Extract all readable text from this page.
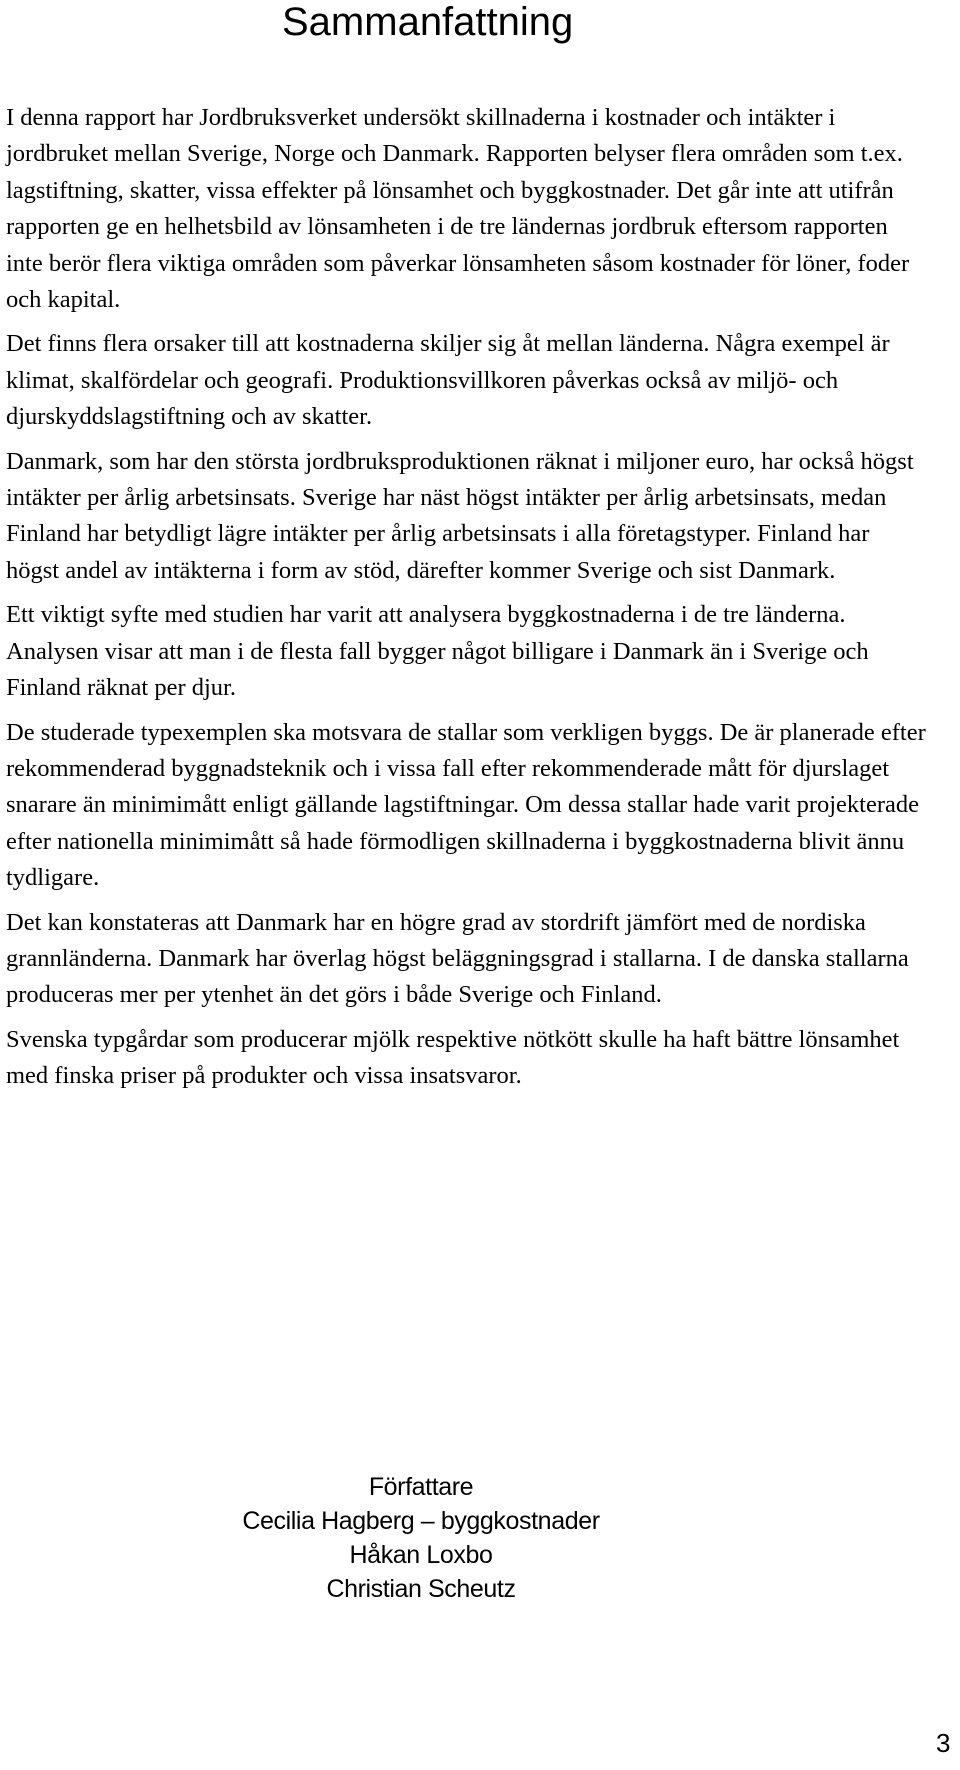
Sammanfattning

I denna rapport har Jordbruksverket undersökt skillnaderna i kostnader och intäkter i jordbruket mellan Sverige, Norge och Danmark. Rapporten belyser flera områden som t.ex. lagstiftning, skatter, vissa effekter på lönsamhet och byggkostnader. Det går inte att utifrån rapporten ge en helhetsbild av lönsamheten i de tre ländernas jordbruk eftersom rapporten inte berör flera viktiga områden som påverkar lönsamheten såsom kostnader för löner, foder och kapital.

Det finns flera orsaker till att kostnaderna skiljer sig åt mellan länderna. Några exempel är klimat, skalfördelar och geografi. Produktionsvillkoren påverkas också av miljö- och djurskyddslagstiftning och av skatter.

Danmark, som har den största jordbruksproduktionen räknat i miljoner euro, har också högst intäkter per årlig arbetsinsats. Sverige har näst högst intäkter per årlig arbetsinsats, medan Finland har betydligt lägre intäkter per årlig arbetsinsats i alla företagstyper. Finland har högst andel av intäkterna i form av stöd, därefter kommer Sverige och sist Danmark.

Ett viktigt syfte med studien har varit att analysera byggkostnaderna i de tre länderna. Analysen visar att man i de flesta fall bygger något billigare i Danmark än i Sverige och Finland räknat per djur.

De studerade typexemplen ska motsvara de stallar som verkligen byggs. De är planerade efter rekommenderad byggnadsteknik och i vissa fall efter rekommenderade mått för djurslaget snarare än minimimått enligt gällande lagstiftningar. Om dessa stallar hade varit projekterade efter nationella minimimått så hade förmodligen skillnaderna i byggkostnaderna blivit ännu tydligare.

Det kan konstateras att Danmark har en högre grad av stordrift jämfört med de nordiska grannländerna. Danmark har överlag högst beläggningsgrad i stallarna. I de danska stallarna produceras mer per ytenhet än det görs i både Sverige och Finland.

Svenska typgårdar som producerar mjölk respektive nötkött skulle ha haft bättre lönsamhet med finska priser på produkter och vissa insatsvaror.

Författare
Cecilia Hagberg – byggkostnader
Håkan Loxbo
Christian Scheutz
3
